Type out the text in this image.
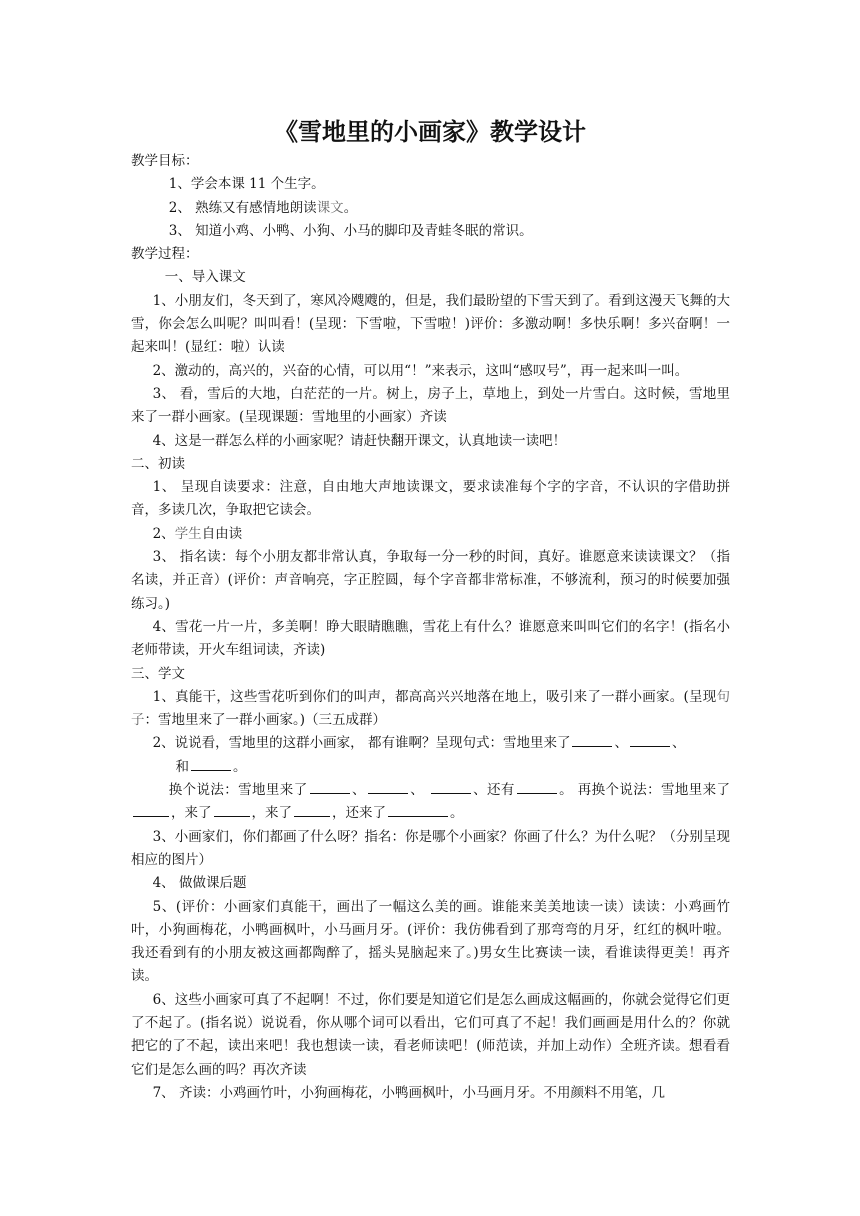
《雪地里的小画家》教学设计

教学目标：

1、学会本课 11 个生字。

2、 熟练又有感情地朗读课文。

3、 知道小鸡、小鸭、小狗、小马的脚印及青蛙冬眠的常识。

教学过程：

一、导入课文

1、小朋友们，冬天到了，寒风冷飕飕的，但是，我们最盼望的下雪天到了。看到这漫天飞舞的大雪，你会怎么叫呢？叫叫看！(呈现：下雪啦，下雪啦！)评价：多激动啊！多快乐啊！多兴奋啊！一起来叫！(显红：啦）认读

2、激动的，高兴的，兴奋的心情，可以用“！”来表示，这叫“感叹号”，再一起来叫一叫。

3、 看，雪后的大地，白茫茫的一片。树上，房子上，草地上，到处一片雪白。这时候，雪地里来了一群小画家。(呈现课题：雪地里的小画家）齐读

4、这是一群怎么样的小画家呢？请赶快翻开课文，认真地读一读吧！

二、初读

1、 呈现自读要求：注意，自由地大声地读课文，要求读准每个字的字音，不认识的字借助拼音，多读几次，争取把它读会。

2、学生自由读

3、 指名读：每个小朋友都非常认真，争取每一分一秒的时间，真好。谁愿意来读读课文？（指名读，并正音）(评价：声音响亮，字正腔圆，每个字音都非常标准，不够流利，预习的时候要加强练习。)

4、雪花一片一片，多美啊！睁大眼睛瞧瞧，雪花上有什么？谁愿意来叫叫它们的名字！(指名小老师带读，开火车组词读，齐读)

三、学文

1、真能干，这些雪花听到你们的叫声，都高高兴兴地落在地上，吸引来了一群小画家。(呈现句子：雪地里来了一群小画家。)（三五成群）

2、说说看，雪地里的这群小画家， 都有谁啊？呈现句式：雪地里来了	、	、

和	。

换个说法：雪地里来了	、	、	、还有	。 再换个说法：雪地里来了，来了	，来了	，还来了	。

3、小画家们，你们都画了什么呀？指名：你是哪个小画家？你画了什么？为什么呢？（分别呈现相应的图片）

4、 做做课后题

5、(评价：小画家们真能干，画出了一幅这么美的画。谁能来美美地读一读）读读：小鸡画竹叶，小狗画梅花，小鸭画枫叶，小马画月牙。(评价：我仿佛看到了那弯弯的月牙，红红的枫叶啦。我还看到有的小朋友被这画都陶醉了，摇头晃脑起来了。)男女生比赛读一读，看谁读得更美！再齐读。

6、这些小画家可真了不起啊！不过，你们要是知道它们是怎么画成这幅画的，你就会觉得它们更了不起了。(指名说）说说看，你从哪个词可以看出，它们可真了不起！我们画画是用什么的？你就把它的了不起，读出来吧！我也想读一读，看老师读吧！(师范读，并加上动作）全班齐读。想看看它们是怎么画的吗？再次齐读

7、 齐读：小鸡画竹叶，小狗画梅花，小鸭画枫叶，小马画月牙。不用颜料不用笔，几
